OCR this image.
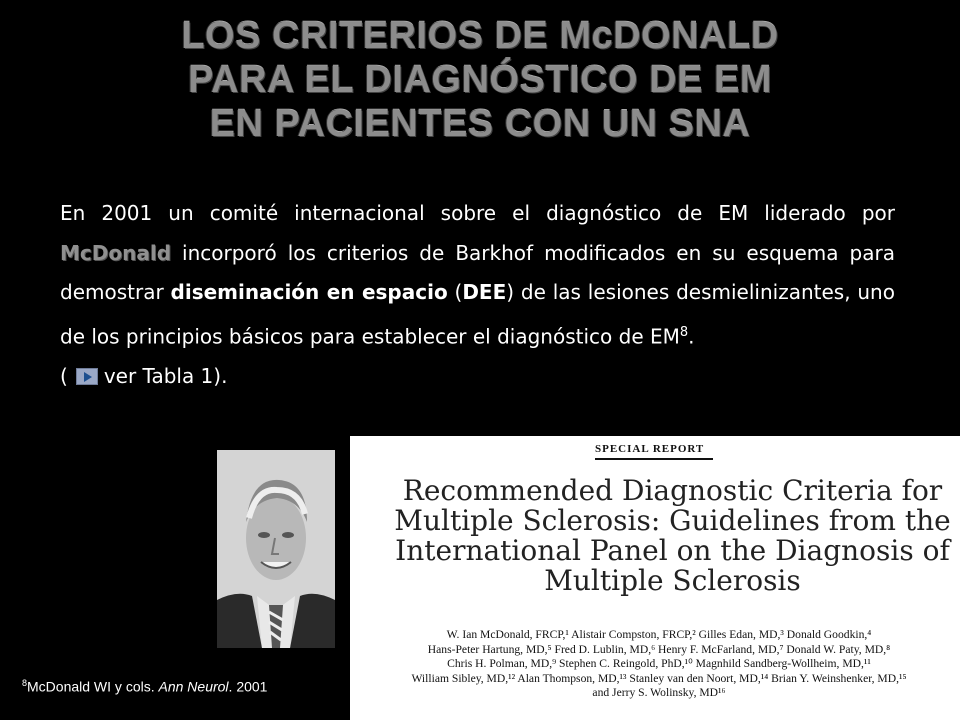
LOS CRITERIOS DE McDONALD
PARA EL DIAGNÓSTICO DE EM
EN PACIENTES CON UN SNA
En 2001 un comité internacional sobre el diagnóstico de EM liderado por McDonald incorporó los criterios de Barkhof modificados en su esquema para demostrar diseminación en espacio (DEE) de las lesiones desmielinizantes, uno de los principios básicos para establecer el diagnóstico de $EM^8$.
( ver Tabla 1).
SPECIAL REPORT
Recommended Diagnostic Criteria for Multiple Sclerosis: Guidelines from the International Panel on the Diagnosis of Multiple Sclerosis
W. Ian McDonald, FRCP,¹ Alistair Compston, FRCP,² Gilles Edan, MD,³ Donald Goodkin,⁴
Hans-Peter Hartung, MD,⁵ Fred D. Lublin, MD,⁶ Henry F. McFarland, MD,⁷ Donald W. Paty, MD,⁸
Chris H. Polman, MD,⁹ Stephen C. Reingold, PhD,¹⁰ Magnhild Sandberg-Wollheim, MD,¹¹
William Sibley, MD,¹² Alan Thompson, MD,¹³ Stanley van den Noort, MD,¹⁴ Brian Y. Weinshenker, MD,¹⁵
and Jerry S. Wolinsky, MD¹⁶
$^8$McDonald WI y cols. Ann Neurol. 2001
